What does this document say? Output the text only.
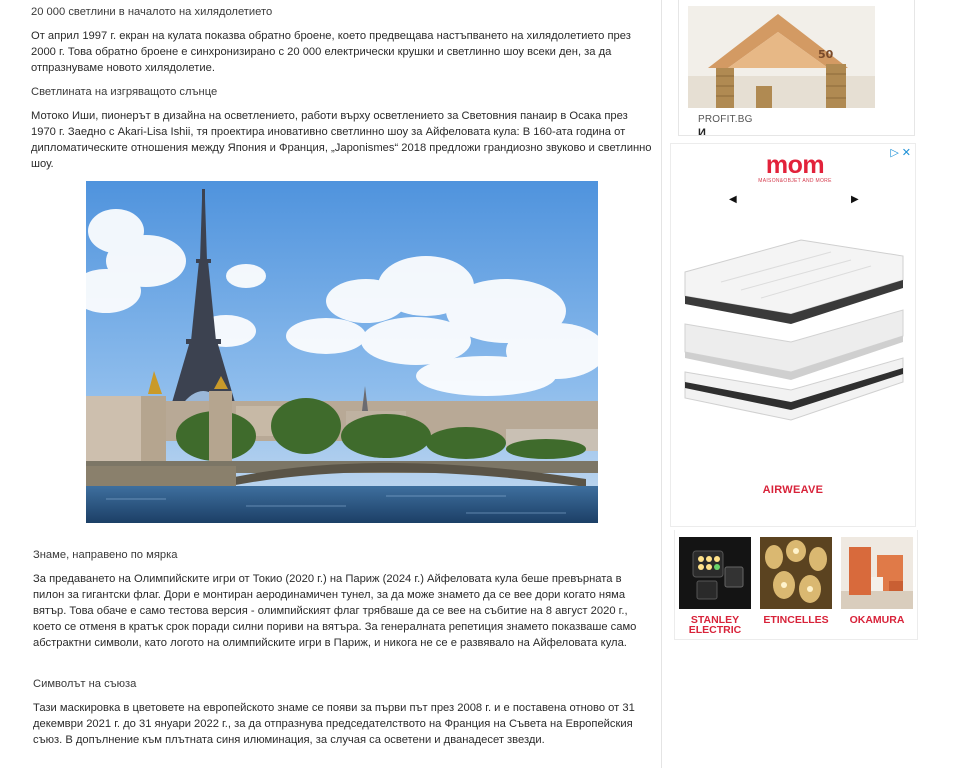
20 000 светлини в началото на хилядолетието

От април 1997 г. екран на кулата показва обратно броене, което предвещава настъпването на хилядолетието през 2000 г. Това обратно броене е синхронизирано с 20 000 електрически крушки и светлинно шоу всеки ден, за да отпразнуваме новото хилядолетие.

Светлината на изгряващото слънце

Мотоко Иши, пионерът в дизайна на осветлението, работи върху осветлението за Световния панаир в Осака през 1970 г. Заедно с Akari-Lisa Ishii, тя проектира иновативно светлинно шоу за Айфеловата кула: В 160-ата година от дипломатическите отношения между Япония и Франция, „Japonismes“ 2018 предложи грандиозно звуково и светлинно шоу.

Знаме, направено по мярка

За предаването на Олимпийските игри от Токио (2020 г.) на Париж (2024 г.) Айфеловата кула беше превърната в пилон за гигантски флаг. Дори е монтиран аеродинамичен тунел, за да може знамето да се вее дори когато няма вятър. Това обаче е само тестова версия - олимпийският флаг трябваше да се вее на събитие на 8 август 2020 г., което се отменя в кратък срок поради силни пориви на вятъра. За генералната репетиция знамето показваше само абстрактни символи, като логото на олимпийските игри в Париж, и никога не се е развявало на Айфеловата кула.

Символът на съюза

Тази маскировка в цветовете на европейското знаме се появи за първи път през 2008 г. и е поставена отново от 31 декември 2021 г. до 31 януари 2022 г., за да отпразнува председателството на Франция на Съвета на Европейския съюз. В допълнение към плътната синя илюминация, за случая са осветени и дванадесет звезди.

50
PROFIT.BG
И
▷ ✕
mom
MAISON&OBJET AND MORE
◀	▶
AIRWEAVE
STANLEY
ELECTRIC
ETINCELLES	OKAMURA
